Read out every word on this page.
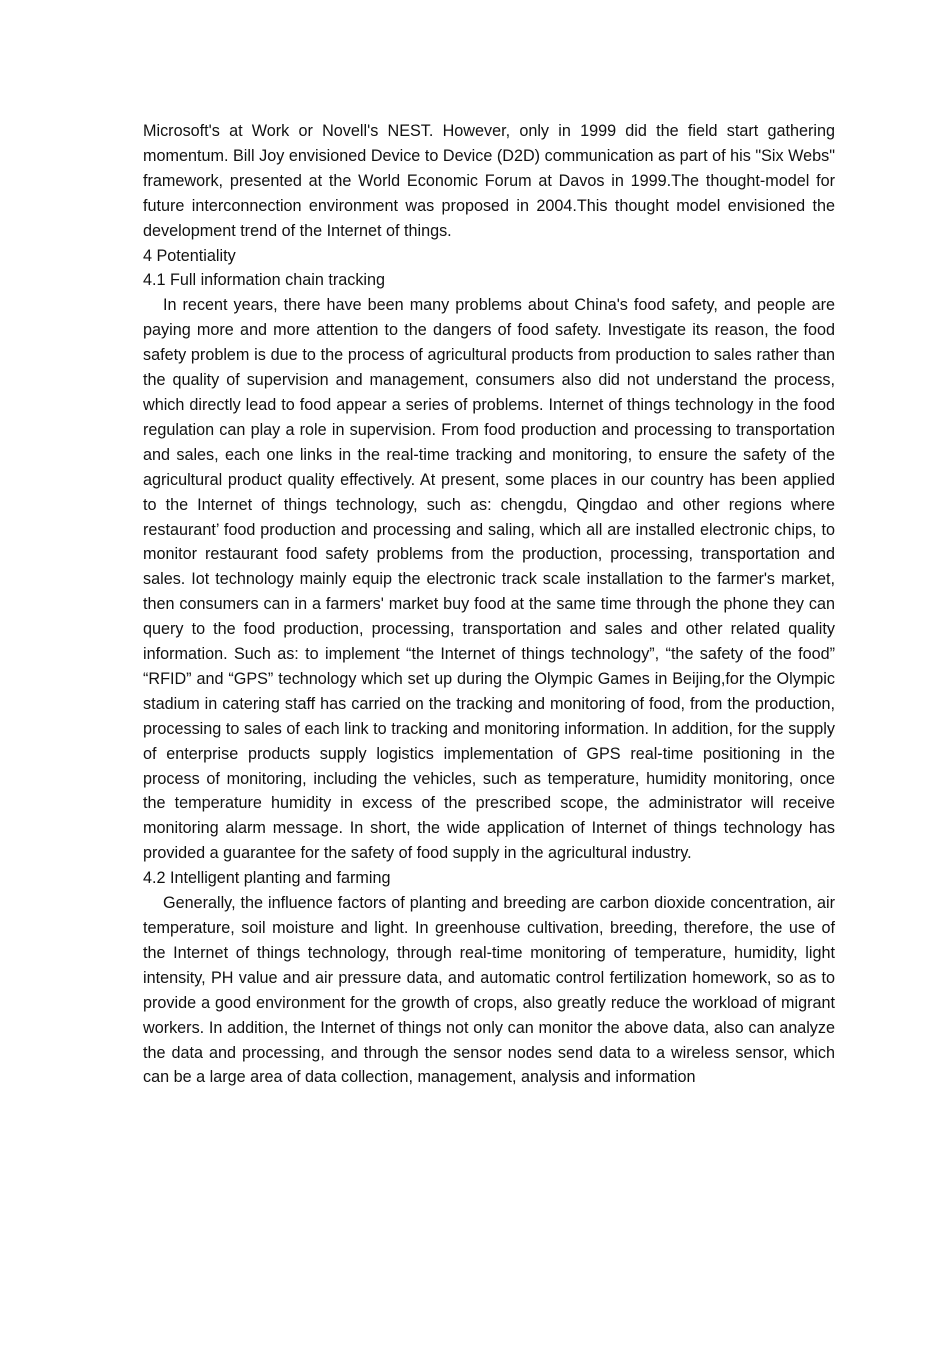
Microsoft's at Work or Novell's NEST. However, only in 1999 did the field start gathering momentum. Bill Joy envisioned Device to Device (D2D) communication as part of his "Six Webs" framework, presented at the World Economic Forum at Davos in 1999.The thought-model for future interconnection environment was proposed in 2004.This thought model envisioned the development trend of the Internet of things.

4 Potentiality
4.1 Full information chain tracking

In recent years, there have been many problems about China's food safety, and people are paying more and more attention to the dangers of food safety. Investigate its reason, the food safety problem is due to the process of agricultural products from production to sales rather than the quality of supervision and management, consumers also did not understand the process, which directly lead to food appear a series of problems. Internet of things technology in the food regulation can play a role in supervision. From food production and processing to transportation and sales, each one links in the real-time tracking and monitoring, to ensure the safety of the agricultural product quality effectively. At present, some places in our country has been applied to the Internet of things technology, such as: chengdu, Qingdao and other regions where restaurant’ food production and processing and saling, which all are installed electronic chips, to monitor restaurant food safety problems from the production, processing, transportation and sales. Iot technology mainly equip the electronic track scale installation to the farmer's market, then consumers can in a farmers' market buy food at the same time through the phone they can query to the food production, processing, transportation and sales and other related quality information. Such as: to implement “the Internet of things technology”, “the safety of the food” “RFID” and “GPS” technology which set up during the Olympic Games in Beijing,for the Olympic stadium in catering staff has carried on the tracking and monitoring of food, from the production, processing to sales of each link to tracking and monitoring information. In addition, for the supply of enterprise products supply logistics implementation of GPS real-time positioning in the process of monitoring, including the vehicles, such as temperature, humidity monitoring, once the temperature humidity in excess of the prescribed scope, the administrator will receive monitoring alarm message. In short, the wide application of Internet of things technology has provided a guarantee for the safety of food supply in the agricultural industry.

4.2 Intelligent planting and farming

Generally, the influence factors of planting and breeding are carbon dioxide concentration, air temperature, soil moisture and light. In greenhouse cultivation, breeding, therefore, the use of the Internet of things technology, through real-time monitoring of temperature, humidity, light intensity, PH value and air pressure data, and automatic control fertilization homework, so as to provide a good environment for the growth of crops, also greatly reduce the workload of migrant workers. In addition, the Internet of things not only can monitor the above data, also can analyze the data and processing, and through the sensor nodes send data to a wireless sensor, which can be a large area of data collection, management, analysis and information
